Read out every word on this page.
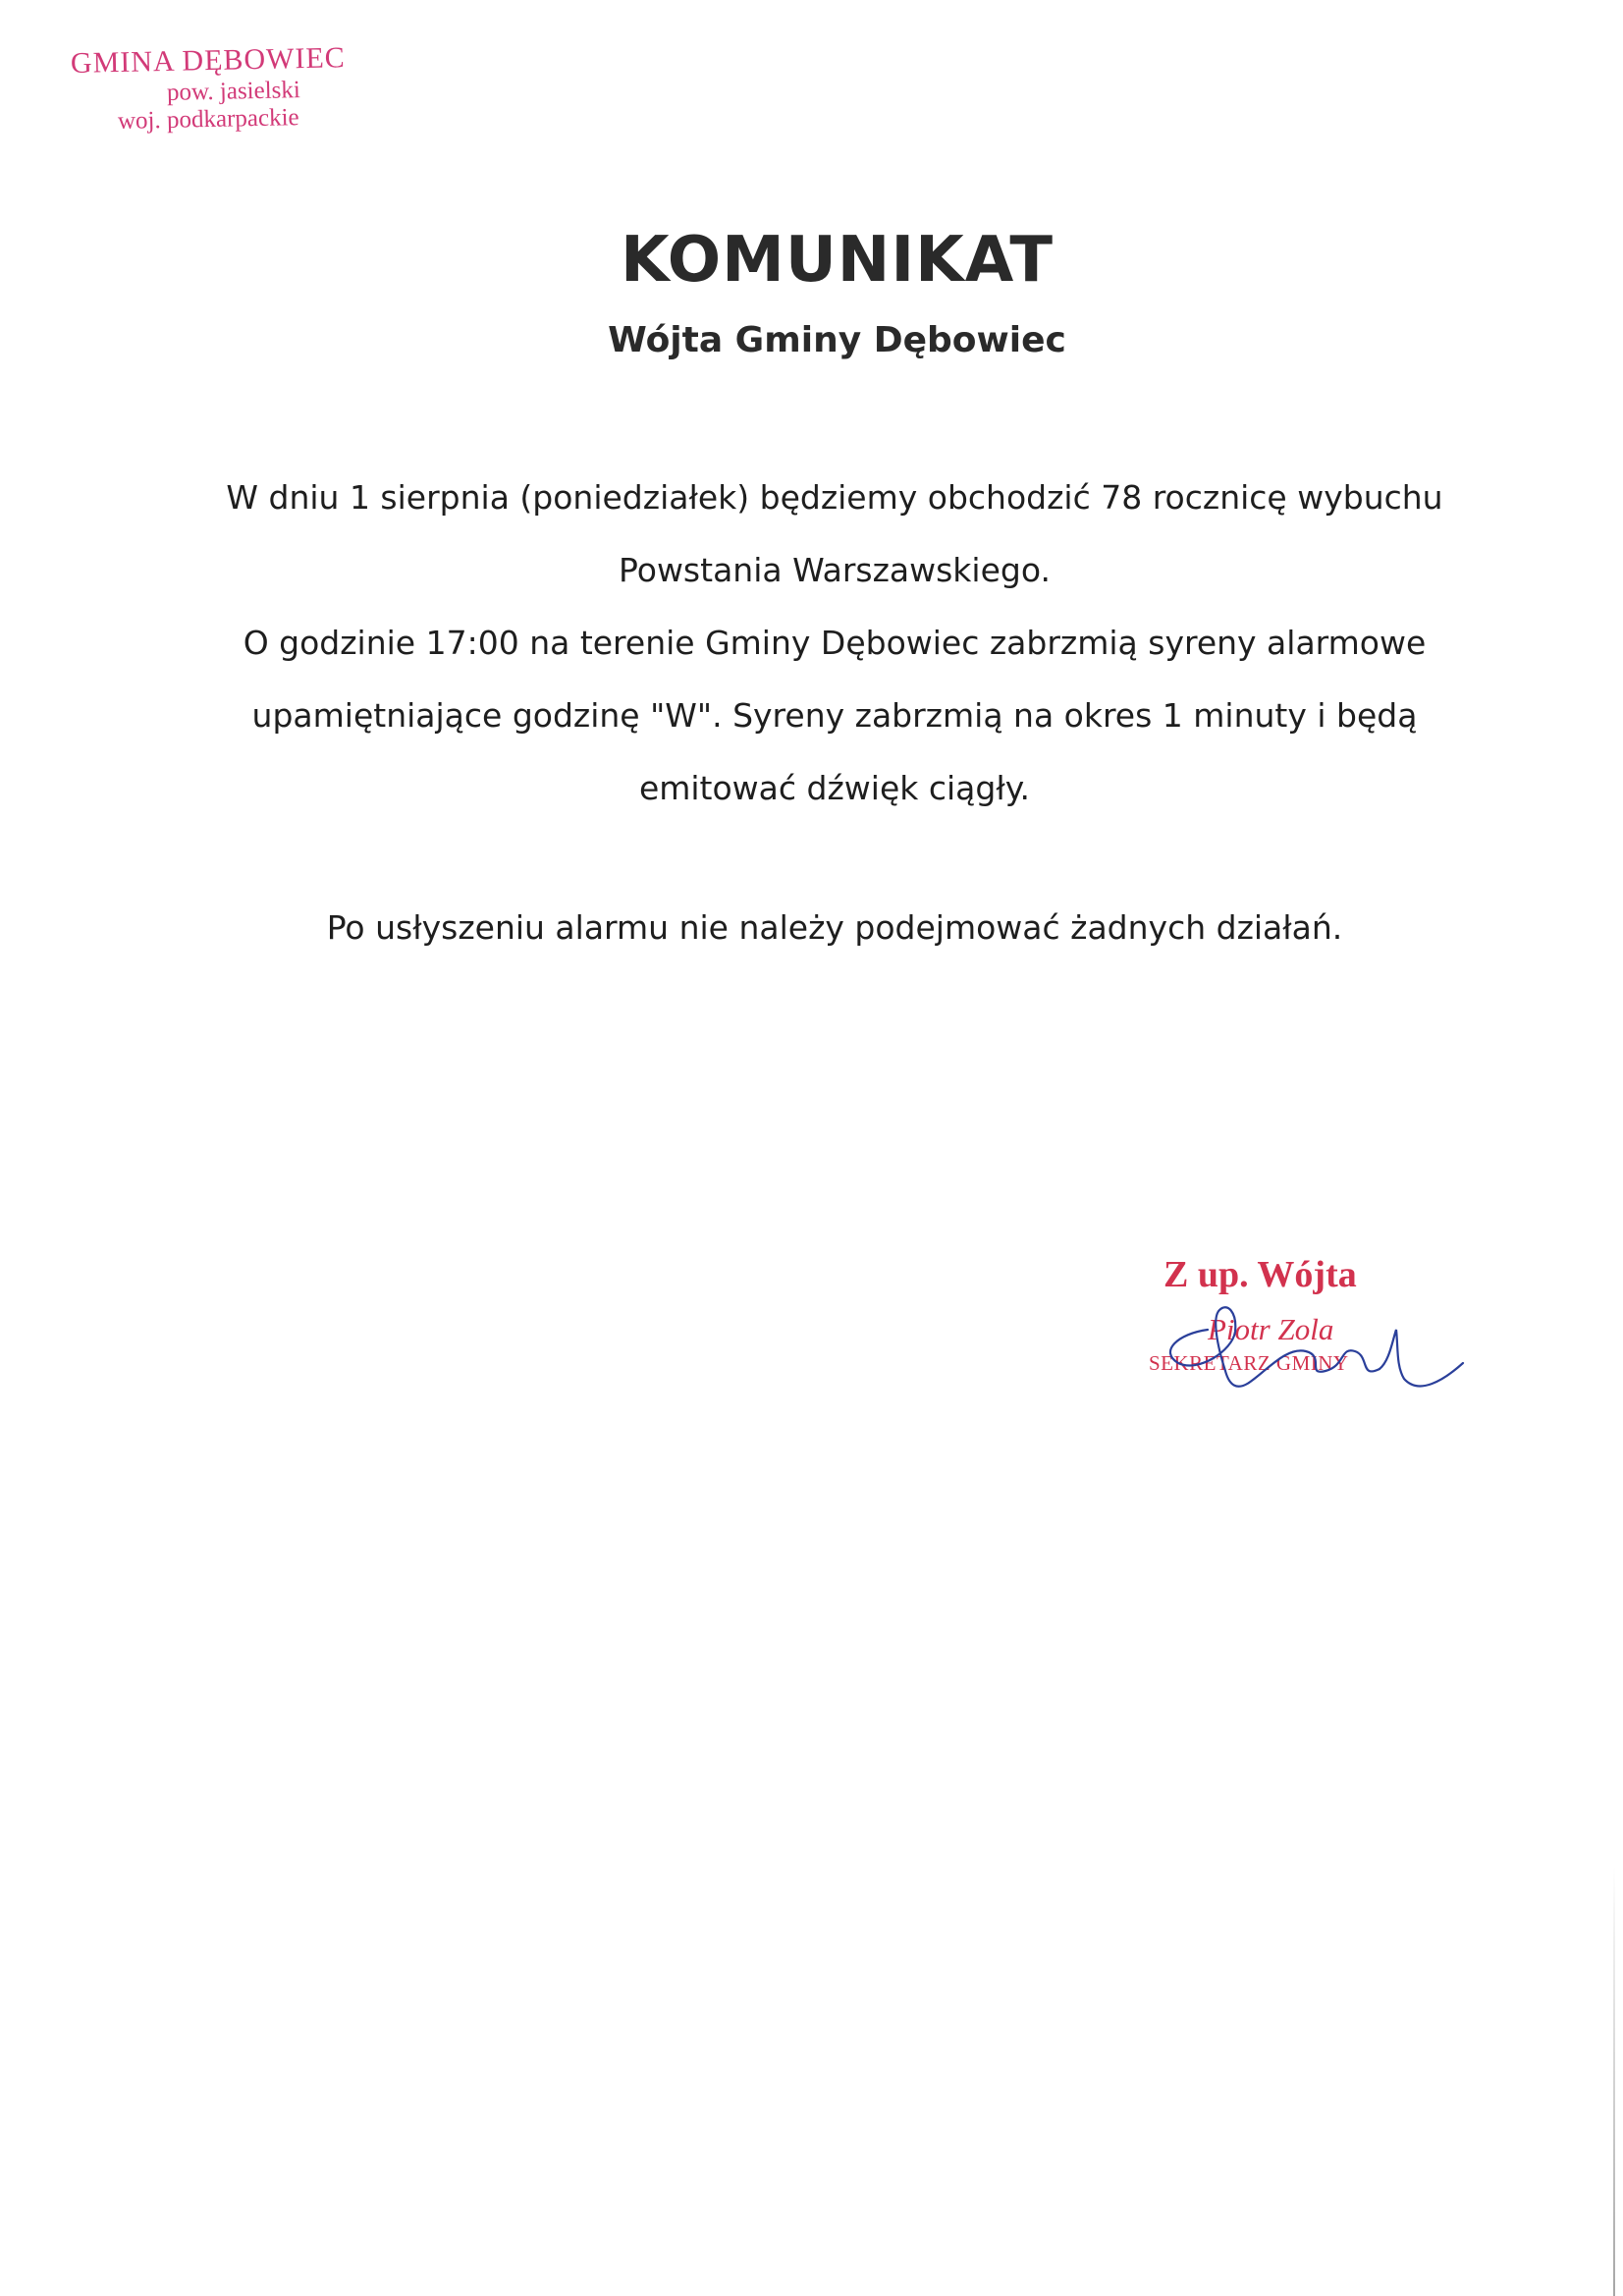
GMINA DĘBOWIEC
pow. jasielski
woj. podkarpackie
KOMUNIKAT
Wójta Gminy Dębowiec

W dniu 1 sierpnia (poniedziałek) będziemy obchodzić 78 rocznicę wybuchu

Powstania Warszawskiego.

O godzinie 17:00 na terenie Gminy Dębowiec zabrzmią syreny alarmowe

upamiętniające godzinę "W". Syreny zabrzmią na okres 1 minuty i będą

emitować dźwięk ciągły.

Po usłyszeniu alarmu nie należy podejmować żadnych działań.
Z up. Wójta
Piotr Zola
SEKRETARZ GMINY
